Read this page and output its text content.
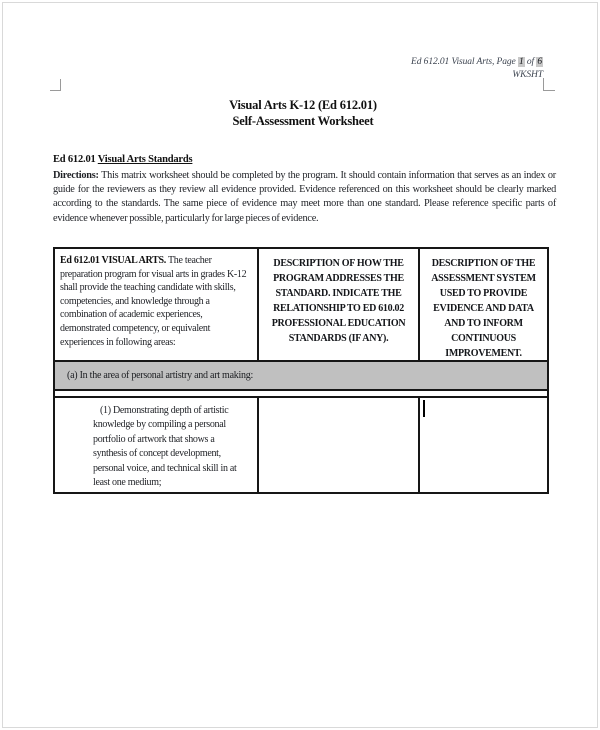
Ed 612.01 Visual Arts, Page 1 of 6
WKSHT
Visual Arts K-12 (Ed 612.01)
Self-Assessment Worksheet
Ed 612.01 Visual Arts Standards

Directions: This matrix worksheet should be completed by the program. It should contain information that serves as an index or guide for the reviewers as they review all evidence provided. Evidence referenced on this worksheet should be clearly marked according to the standards. The same piece of evidence may meet more than one standard. Please reference specific parts of evidence whenever possible, particularly for large pieces of evidence.

Ed 612.01 VISUAL ARTS. The teacher preparation program for visual arts in grades K-12 shall provide the teaching candidate with skills, competencies, and knowledge through a combination of academic experiences, demonstrated competency, or equivalent experiences in following areas:
DESCRIPTION OF HOW THE PROGRAM ADDRESSES THE STANDARD. INDICATE THE RELATIONSHIP TO ED 610.02 PROFESSIONAL EDUCATION STANDARDS (IF ANY).
DESCRIPTION OF THE ASSESSMENT SYSTEM USED TO PROVIDE EVIDENCE AND DATA AND TO INFORM CONTINUOUS IMPROVEMENT.
(a) In the area of personal artistry and art making:
(1) Demonstrating depth of artistic knowledge by compiling a personal portfolio of artwork that shows a synthesis of concept development, personal voice, and technical skill in at least one medium;
